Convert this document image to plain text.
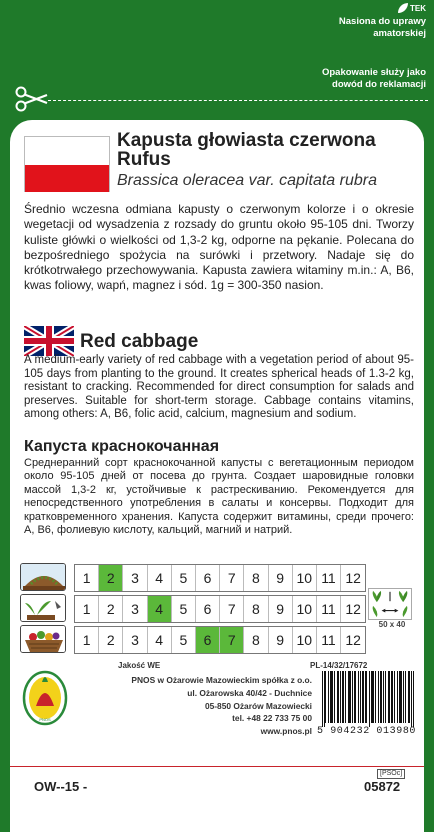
TEK
Nasiona do uprawy amatorskiej
Opakowanie służy jako dowód do reklamacji
Kapusta głowiasta czerwona Rufus
Brassica oleracea var. capitata rubra
Średnio wczesna odmiana kapusty o czerwonym kolorze i o okresie wegetacji od wysadzenia z rozsady do gruntu około 95-105 dni. Tworzy kuliste główki o wielkości od 1,3-2 kg, odporne na pękanie. Polecana do bezpośredniego spożycia na surówki i przetwory. Nadaje się do krótkotrwałego przechowywania. Kapusta zawiera witaminy m.in.: A, B6, kwas foliowy, wapń, magnez i sód. 1g = 300-350 nasion.
Red cabbage
A medium-early variety of red cabbage with a vegetation period of about 95-105 days from planting to the ground. It creates spherical heads of 1.3-2 kg, resistant to cracking. Recommended for direct consumption for salads and preserves. Suitable for short-term storage. Cabbage contains vitamins, among others: A, B6, folic acid, calcium, magnesium and sodium.
Капуста краснокочанная
Среднеранний сорт краснокочанной капусты с вегетационным периодом около 95-105 дней от посева до грунта. Создает шаровидные головки массой 1,3-2 кг, устойчивые к растрескиванию. Рекомендуется для непосредственного употребления в салаты и консервы. Подходит для кратковременного хранения. Капуста содержит витамины, среди прочего: A, B6, фолиевую кислоту, кальций, магний и натрий.
1	2	3	4	5	6	7	8	9 10 11 12
1	2	3	4	5	6	7	8	9 10 11 12
1	2	3	4	5	6	7	8	9 10 11 12
50 x 40
PNOS
Jakość WE	PL-14/32/17672
PNOS w Ożarowie Mazowieckim spółka z o.o.
ul. Ożarowska 40/42 - Duchnice
05-850 Ożarów Mazowiecki
tel. +48 22 733 75 00
www.pnos.pl 5 904232 013980
OW--15 -
[PSOc]
05872
